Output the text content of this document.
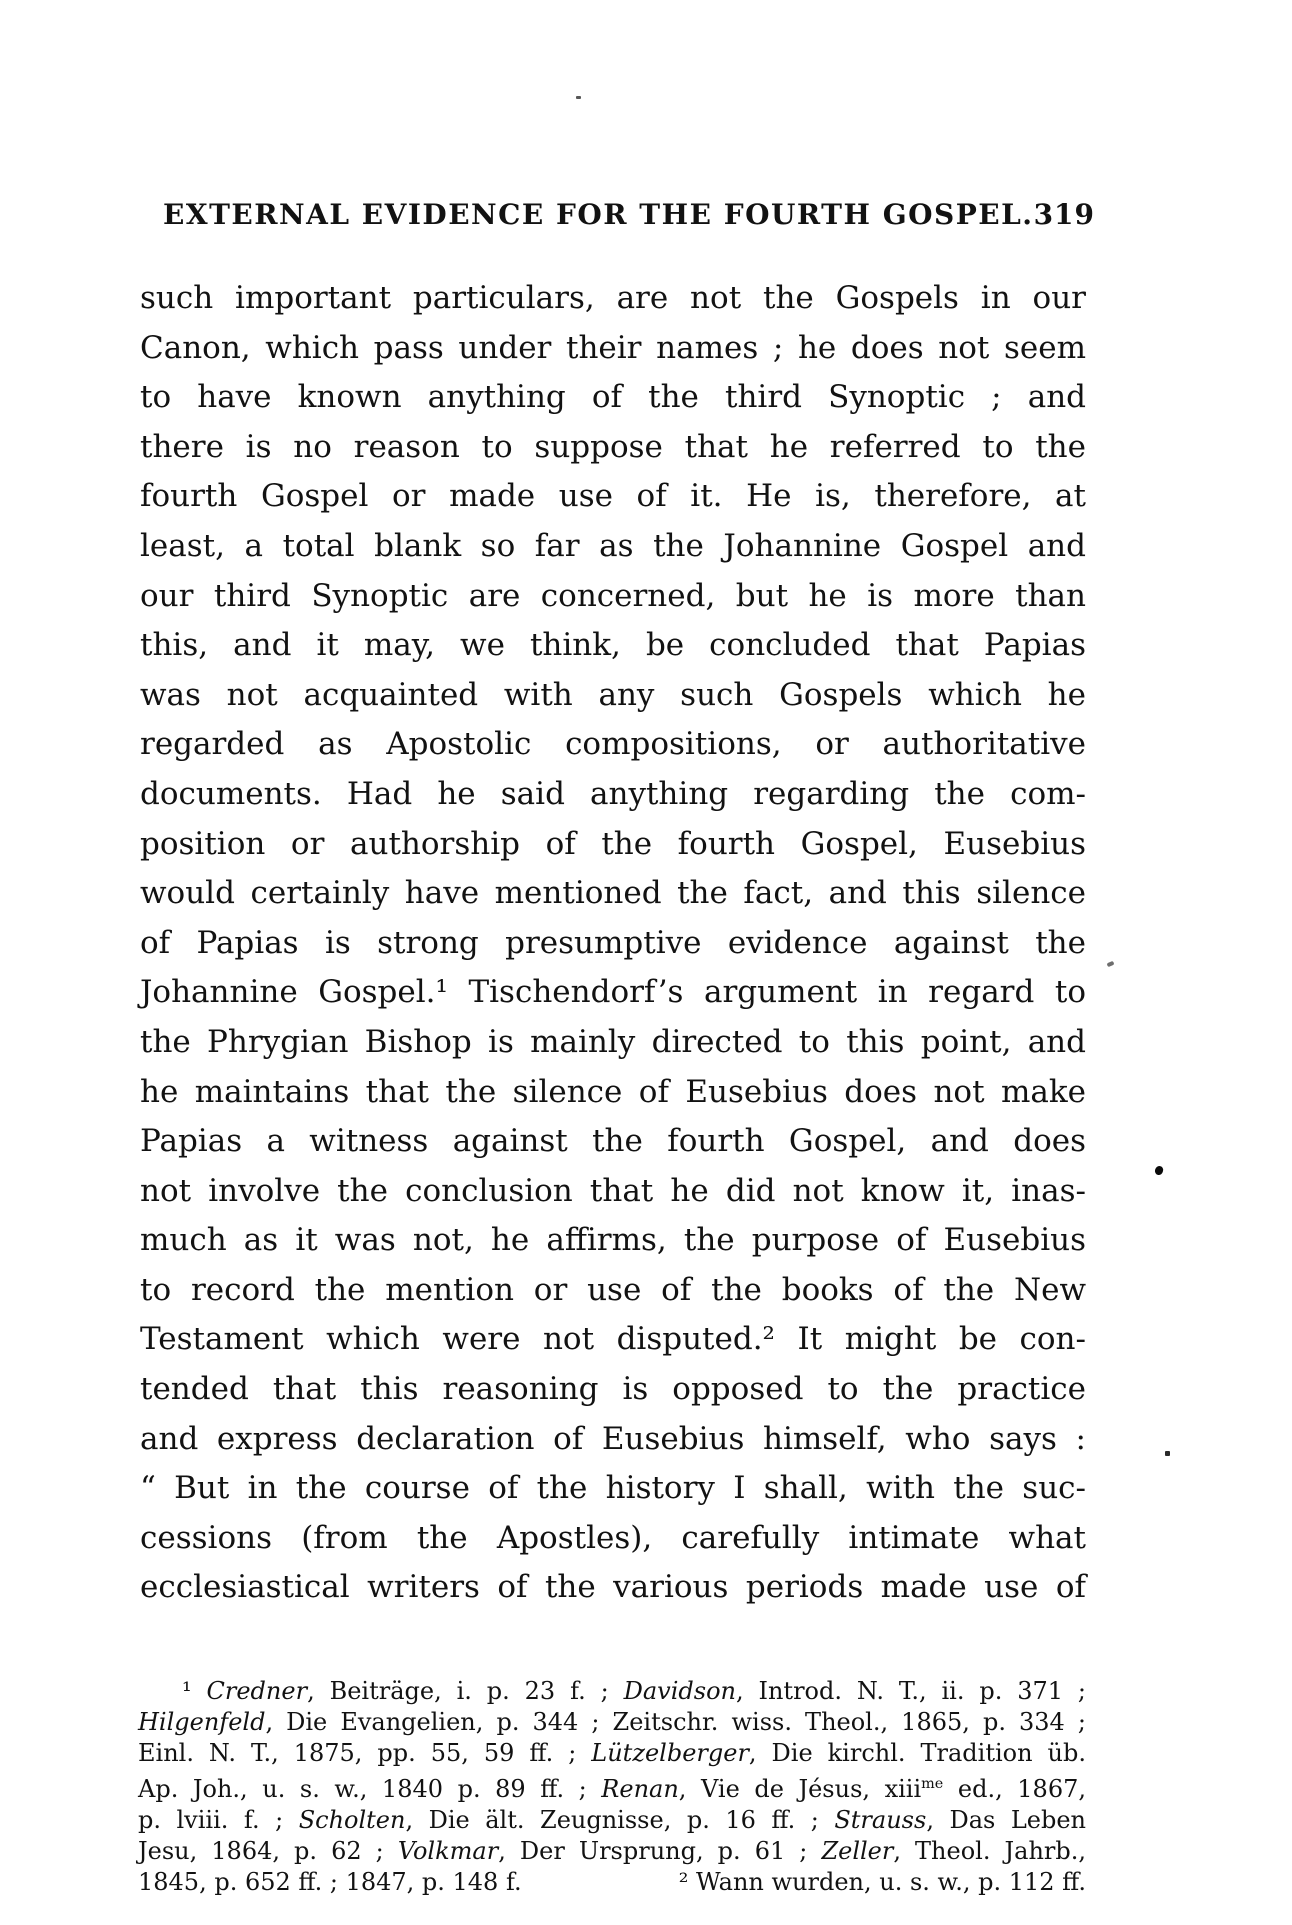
EXTERNAL EVIDENCE FOR THE FOURTH GOSPEL. 319
such important particulars, are not the Gospels in our
Canon, which pass under their names ; he does not seem
to have known anything of the third Synoptic ; and
there is no reason to suppose that he referred to the
fourth Gospel or made use of it. He is, therefore, at
least, a total blank so far as the Johannine Gospel and
our third Synoptic are concerned, but he is more than
this, and it may, we think, be concluded that Papias
was not acquainted with any such Gospels which he
regarded as Apostolic compositions, or authoritative
documents. Had he said anything regarding the com-
position or authorship of the fourth Gospel, Eusebius
would certainly have mentioned the fact, and this silence
of Papias is strong presumptive evidence against the
Johannine Gospel.¹ Tischendorf’s argument in regard to
the Phrygian Bishop is mainly directed to this point, and
he maintains that the silence of Eusebius does not make
Papias a witness against the fourth Gospel, and does
not involve the conclusion that he did not know it, inas-
much as it was not, he affirms, the purpose of Eusebius
to record the mention or use of the books of the New
Testament which were not disputed.² It might be con-
tended that this reasoning is opposed to the practice
and express declaration of Eusebius himself, who says :
“ But in the course of the history I shall, with the suc-
cessions (from the Apostles), carefully intimate what
ecclesiastical writers of the various periods made use of
¹ Credner, Beiträge, i. p. 23 f. ; Davidson, Introd. N. T., ii. p. 371 ;
Hilgenfeld, Die Evangelien, p. 344 ; Zeitschr. wiss. Theol., 1865, p. 334 ;
Einl. N. T., 1875, pp. 55, 59 ff. ; Lützelberger, Die kirchl. Tradition üb.
Ap. Joh., u. s. w., 1840 p. 89 ff. ; Renan, Vie de Jésus, xiii$^{me}$ ed., 1867,
p. lviii. f. ; Scholten, Die ält. Zeugnisse, p. 16 ff. ; Strauss, Das Leben
Jesu, 1864, p. 62 ; Volkmar, Der Ursprung, p. 61 ; Zeller, Theol. Jahrb.,
1845, p. 652 ff. ; 1847, p. 148 f.	² Wann wurden, u. s. w., p. 112 ff.
